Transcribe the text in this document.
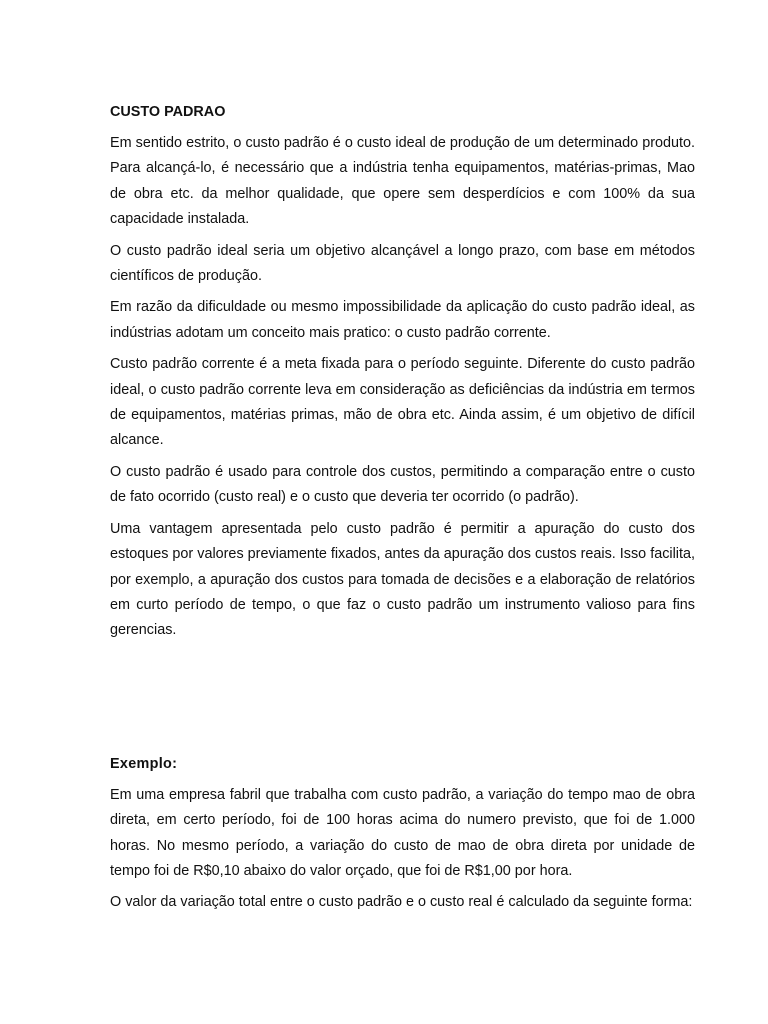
CUSTO PADRAO

Em sentido estrito, o custo padrão é o custo ideal de produção de um determinado produto. Para alcançá-lo, é necessário que a indústria tenha equipamentos, matérias-primas, Mao de obra etc. da melhor qualidade, que opere sem desperdícios e com 100% da sua capacidade instalada.

O custo padrão ideal seria um objetivo alcançável a longo prazo, com base em métodos científicos de produção.

Em razão da dificuldade ou mesmo impossibilidade da aplicação do custo padrão ideal, as indústrias adotam um conceito mais pratico: o custo padrão corrente.

Custo padrão corrente é a meta fixada para o período seguinte. Diferente do custo padrão ideal, o custo padrão corrente leva em consideração as deficiências da indústria em termos de equipamentos, matérias primas, mão de obra etc. Ainda assim, é um objetivo de difícil alcance.

O custo padrão é usado para controle dos custos, permitindo a comparação entre o custo de fato ocorrido (custo real) e o custo que deveria ter ocorrido (o padrão).

Uma vantagem apresentada pelo custo padrão é permitir a apuração do custo dos estoques por valores previamente fixados, antes da apuração dos custos reais. Isso facilita, por exemplo, a apuração dos custos para tomada de decisões e a elaboração de relatórios em curto período de tempo, o que faz o custo padrão um instrumento valioso para fins gerencias.

Exemplo:

Em uma empresa fabril que trabalha com custo padrão, a variação do tempo mao de obra direta, em certo período, foi de 100 horas acima do numero previsto, que foi de 1.000 horas. No mesmo período, a variação do custo de mao de obra direta por unidade de tempo foi de R$0,10 abaixo do valor orçado, que foi de R$1,00 por hora.

O valor da variação total entre o custo padrão e o custo real é calculado da seguinte forma:
